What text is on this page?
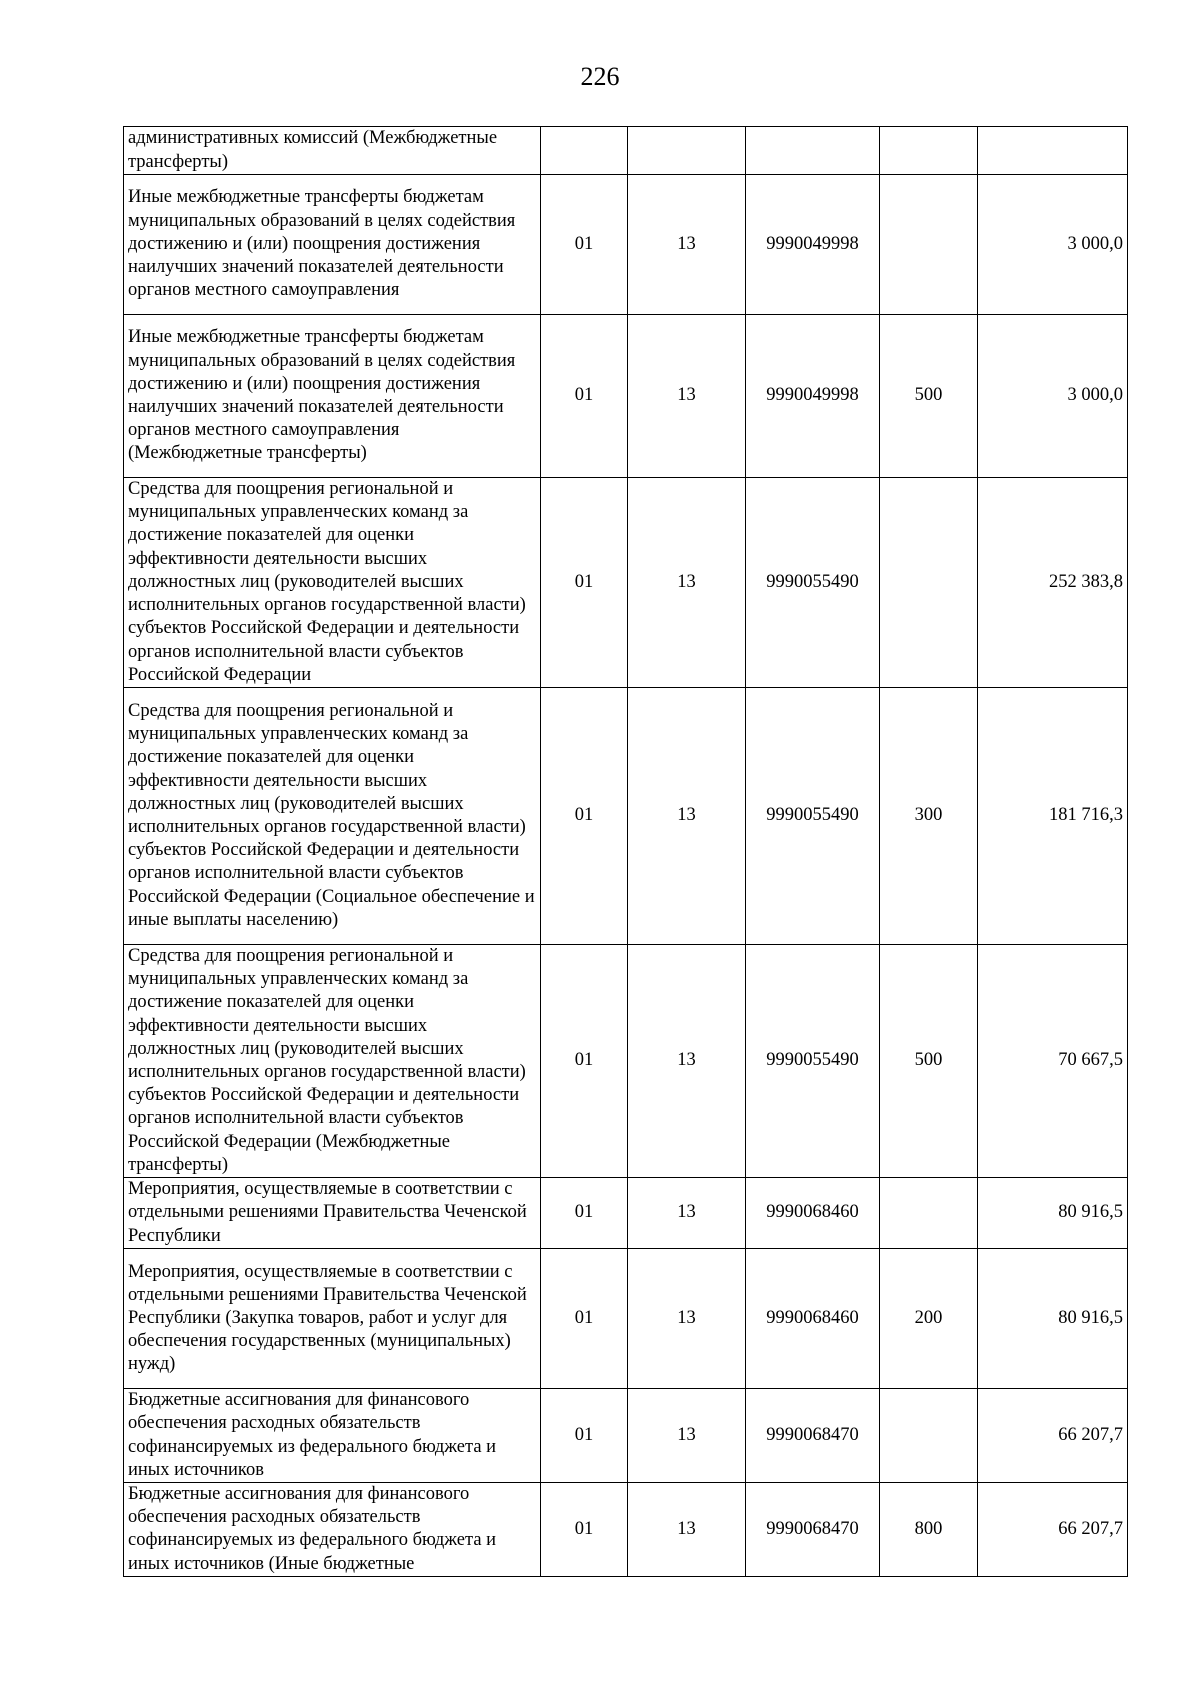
226
административных комиссий (Межбюджетные трансферты)					
Иные межбюджетные трансферты бюджетам муниципальных образований в целях содействия достижению и (или) поощрения достижения наилучших значений показателей деятельности органов местного самоуправления	01	13	9990049998		3 000,0
Иные межбюджетные трансферты бюджетам муниципальных образований в целях содействия достижению и (или) поощрения достижения наилучших значений показателей деятельности органов местного самоуправления (Межбюджетные трансферты)	01	13	9990049998	500	3 000,0
Средства для поощрения региональной и муниципальных управленческих команд за достижение показателей для оценки эффективности деятельности высших должностных лиц (руководителей высших исполнительных органов государственной власти) субъектов Российской Федерации и деятельности органов исполнительной власти субъектов Российской Федерации	01	13	9990055490		252 383,8
Средства для поощрения региональной и муниципальных управленческих команд за достижение показателей для оценки эффективности деятельности высших должностных лиц (руководителей высших исполнительных органов государственной власти) субъектов Российской Федерации и деятельности органов исполнительной власти субъектов Российской Федерации (Социальное обеспечение и иные выплаты населению)	01	13	9990055490	300	181 716,3
Средства для поощрения региональной и муниципальных управленческих команд за достижение показателей для оценки эффективности деятельности высших должностных лиц (руководителей высших исполнительных органов государственной власти) субъектов Российской Федерации и деятельности органов исполнительной власти субъектов Российской Федерации (Межбюджетные трансферты)	01	13	9990055490	500	70 667,5
Мероприятия, осуществляемые в соответствии с отдельными решениями Правительства Чеченской Республики	01	13	9990068460		80 916,5
Мероприятия, осуществляемые в соответствии с отдельными решениями Правительства Чеченской Республики (Закупка товаров, работ и услуг для обеспечения государственных (муниципальных) нужд)	01	13	9990068460	200	80 916,5
Бюджетные ассигнования для финансового обеспечения расходных обязательств софинансируемых из федерального бюджета и иных источников	01	13	9990068470		66 207,7
Бюджетные ассигнования для финансового обеспечения расходных обязательств софинансируемых из федерального бюджета и иных источников (Иные бюджетные	01	13	9990068470	800	66 207,7
